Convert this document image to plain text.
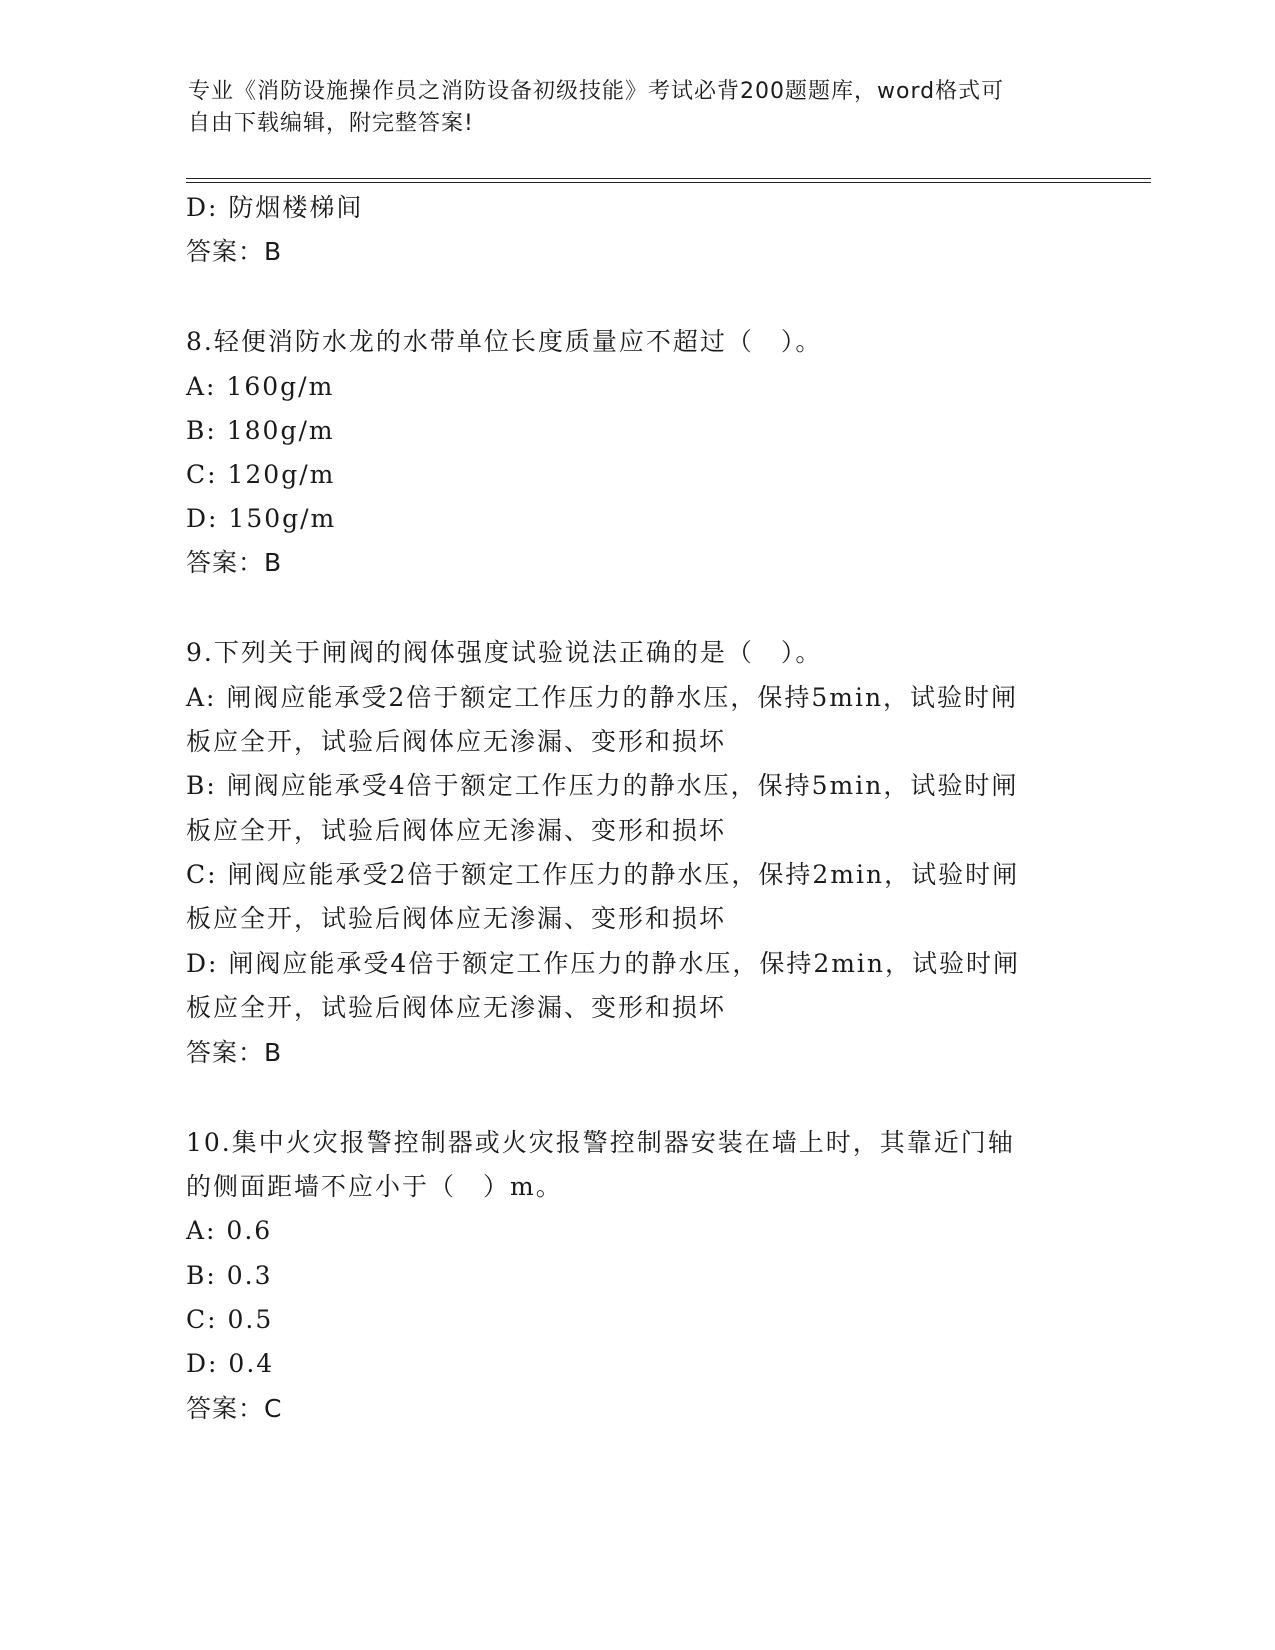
专业《消防设施操作员之消防设备初级技能》考试必背200题题库，word格式可
自由下载编辑，附完整答案!
D: 防烟楼梯间
答案：B
8.轻便消防水龙的水带单位长度质量应不超过（　）。
A: 160g/m
B: 180g/m
C: 120g/m
D: 150g/m
答案：B
9.下列关于闸阀的阀体强度试验说法正确的是（　）。
A: 闸阀应能承受2倍于额定工作压力的静水压，保持5min，试验时闸
板应全开，试验后阀体应无渗漏、变形和损坏
B: 闸阀应能承受4倍于额定工作压力的静水压，保持5min，试验时闸
板应全开，试验后阀体应无渗漏、变形和损坏
C: 闸阀应能承受2倍于额定工作压力的静水压，保持2min，试验时闸
板应全开，试验后阀体应无渗漏、变形和损坏
D: 闸阀应能承受4倍于额定工作压力的静水压，保持2min，试验时闸
板应全开，试验后阀体应无渗漏、变形和损坏
答案：B
10.集中火灾报警控制器或火灾报警控制器安装在墙上时，其靠近门轴
的侧面距墙不应小于（　）m。
A: 0.6
B: 0.3
C: 0.5
D: 0.4
答案：C
